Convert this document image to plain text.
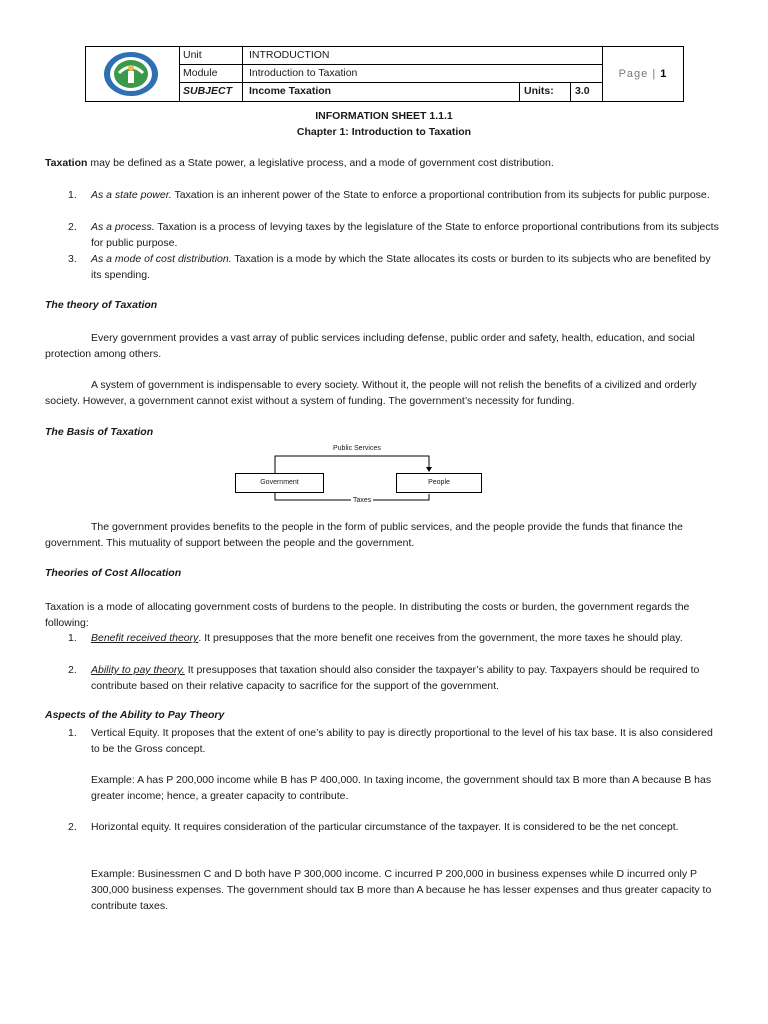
Unit	INTRODUCTION
Module	Introduction to Taxation
SUBJECT	Income Taxation	Units:	3.0
Page | 1
INFORMATION SHEET 1.1.1
Chapter 1: Introduction to Taxation
Taxation may be defined as a State power, a legislative process, and a mode of government cost distribution.
1. As a state power. Taxation is an inherent power of the State to enforce a proportional contribution from its subjects for public purpose.
2. As a process. Taxation is a process of levying taxes by the legislature of the State to enforce proportional contributions from its subjects for public purpose.
3. As a mode of cost distribution. Taxation is a mode by which the State allocates its costs or burden to its subjects who are benefited by its spending.
The theory of Taxation
Every government provides a vast array of public services including defense, public order and safety, health, education, and social protection among others.
A system of government is indispensable to every society. Without it, the people will not relish the benefits of a civilized and orderly society. However, a government cannot exist without a system of funding. The government’s necessity for funding.
The Basis of Taxation
Public Services
Government	People
Taxes
The government provides benefits to the people in the form of public services, and the people provide the funds that finance the government. This mutuality of support between the people and the government.
Theories of Cost Allocation
Taxation is a mode of allocating government costs of burdens to the people. In distributing the costs or burden, the government regards the following:
1. Benefit received theory. It presupposes that the more benefit one receives from the government, the more taxes he should play.
2. Ability to pay theory. It presupposes that taxation should also consider the taxpayer’s ability to pay. Taxpayers should be required to contribute based on their relative capacity to sacrifice for the support of the government.
Aspects of the Ability to Pay Theory
1. Vertical Equity. It proposes that the extent of one’s ability to pay is directly proportional to the level of his tax base. It is also considered to be the Gross concept.
Example: A has P 200,000 income while B has P 400,000. In taxing income, the government should tax B more than A because B has greater income; hence, a greater capacity to contribute.
2. Horizontal equity. It requires consideration of the particular circumstance of the taxpayer. It is considered to be the net concept.
Example: Businessmen C and D both have P 300,000 income. C incurred P 200,000 in business expenses while D incurred only P 300,000 business expenses. The government should tax B more than A because he has lesser expenses and thus greater capacity to contribute taxes.
